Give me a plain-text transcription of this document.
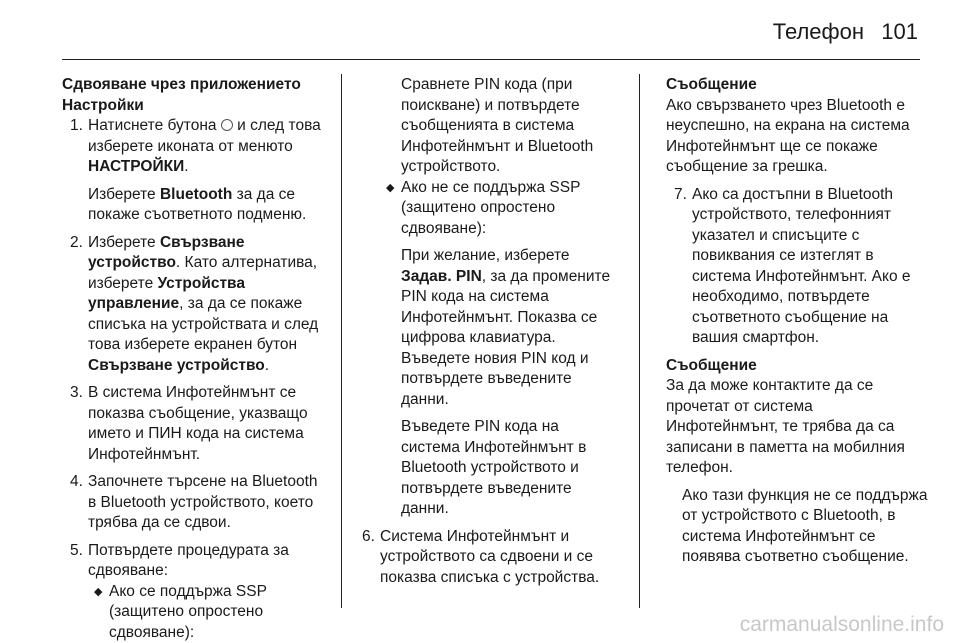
Телефон 101

Сдвояване чрез приложението
Настройки

1. Натиснете бутона и след това изберете иконата от менюто НАСТРОЙКИ.

Изберете Bluetooth за да се покаже съответното подменю.

2. Изберете Свързване устройство. Като алтернатива, изберете Устройства управление, за да се покаже списъка на устройствата и след това изберете екранен бутон Свързване устройство.

3. В система Инфотейнмънт се показва съобщение, указващо името и ПИН кода на система Инфотейнмънт.

4. Започнете търсене на Bluetooth в Bluetooth устройството, което трябва да се сдвои.

5. Потвърдете процедурата за сдвояване:

◆ Ако се поддържа SSP (защитено опростено сдвояване):

Сравнете PIN кода (при поискване) и потвърдете съобщенията в система Инфотейнмънт и Bluetooth устройството.

◆ Ако не се поддържа SSP (защитено опростено сдвояване):

При желание, изберете Задав. PIN, за да промените PIN кода на система Инфотейнмънт. Показва се цифрова клавиатура. Въведете новия PIN код и потвърдете въведените данни.

Въведете PIN кода на система Инфотейнмънт в Bluetooth устройството и потвърдете въведените данни.

6. Система Инфотейнмънт и устройството са сдвоени и се показва списъка с устройства.

Съобщение

Ако свързването чрез Bluetooth е неуспешно, на екрана на система Инфотейнмънт ще се покаже съобщение за грешка.

7. Ако са достъпни в Bluetooth устройството, телефонният указател и списъците с повиквания се изтеглят в система Инфотейнмънт. Ако е необходимо, потвърдете съответното съобщение на вашия смартфон.

Съобщение

За да може контактите да се прочетат от система Инфотейнмънт, те трябва да са записани в паметта на мобилния телефон.

Ако тази функция не се поддържа от устройството с Bluetooth, в система Инфотейнмънт се появява съответно съобщение.

carmanualsonline.info
